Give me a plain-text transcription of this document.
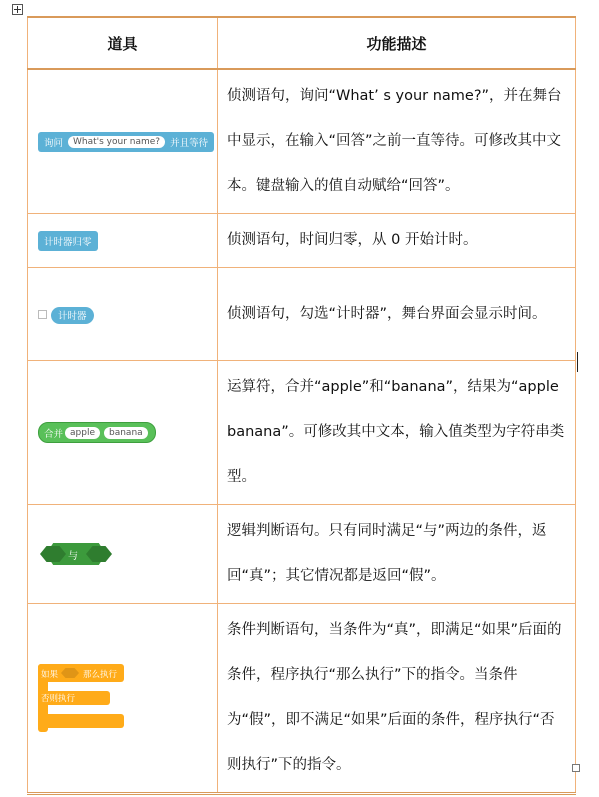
道具	功能描述

询问 What's your name? 并且等待	侦测语句，询问“What’ s your name?”，并在舞台中显示，在输入“回答”之前一直等待。可修改其中文本。键盘输入的值自动赋给“回答”。

计时器归零	侦测语句，时间归零，从 0 开始计时。

计时器	侦测语句，勾选“计时器”，舞台界面会显示时间。

合并 apple banana	运算符，合并“apple”和“banana”，结果为“apple banana”。可修改其中文本，输入值类型为字符串类型。

与	逻辑判断语句。只有同时满足“与”两边的条件，返回“真”；其它情况都是返回“假”。

如果 那么执行
否则执行	条件判断语句，当条件为“真”，即满足“如果”后面的条件，程序执行“那么执行”下的指令。当条件为“假”，即不满足“如果”后面的条件，程序执行“否则执行”下的指令。
